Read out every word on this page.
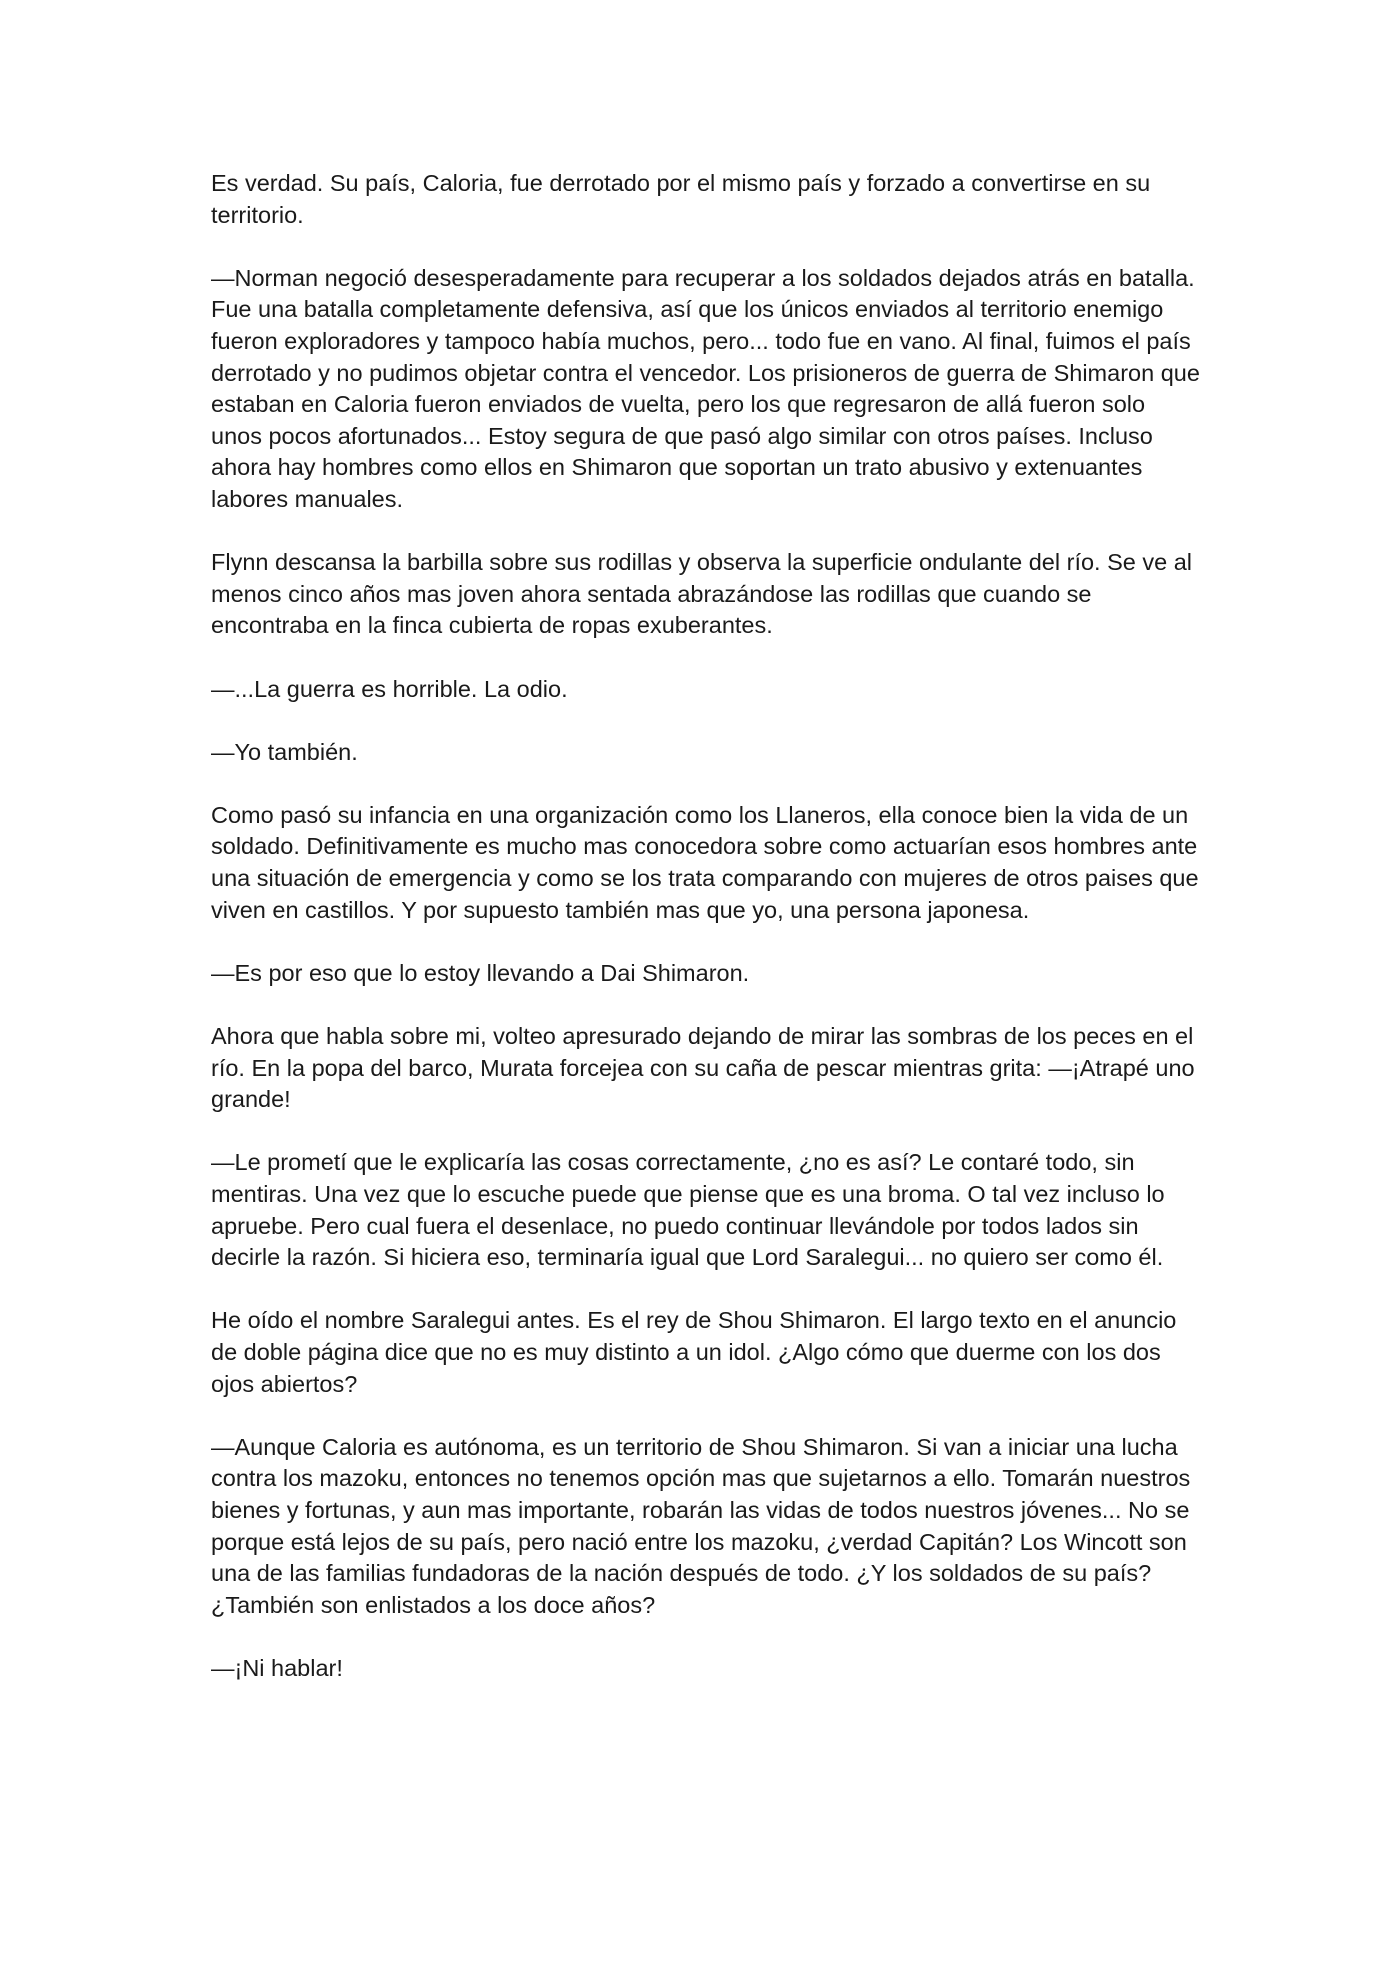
Es verdad. Su país, Caloria, fue derrotado por el mismo país y forzado a convertirse en su territorio.

—Norman negoció desesperadamente para recuperar a los soldados dejados atrás en batalla. Fue una batalla completamente defensiva, así que los únicos enviados al territorio enemigo fueron exploradores y tampoco había muchos, pero... todo fue en vano. Al final, fuimos el país derrotado y no pudimos objetar contra el vencedor. Los prisioneros de guerra de Shimaron que estaban en Caloria fueron enviados de vuelta, pero los que regresaron de allá fueron solo unos pocos afortunados... Estoy segura de que pasó algo similar con otros países. Incluso ahora hay hombres como ellos en Shimaron que soportan un trato abusivo y extenuantes labores manuales.

Flynn descansa la barbilla sobre sus rodillas y observa la superficie ondulante del río. Se ve al menos cinco años mas joven ahora sentada abrazándose las rodillas que cuando se encontraba en la finca cubierta de ropas exuberantes.

—...La guerra es horrible. La odio.

—Yo también.

Como pasó su infancia en una organización como los Llaneros, ella conoce bien la vida de un soldado. Definitivamente es mucho mas conocedora sobre como actuarían esos hombres ante una situación de emergencia y como se los trata comparando con mujeres de otros paises que viven en castillos. Y por supuesto también mas que yo, una persona japonesa.

—Es por eso que lo estoy llevando a Dai Shimaron.

Ahora que habla sobre mi, volteo apresurado dejando de mirar las sombras de los peces en el río. En la popa del barco, Murata forcejea con su caña de pescar mientras grita: —¡Atrapé uno grande!

—Le prometí que le explicaría las cosas correctamente, ¿no es así? Le contaré todo, sin mentiras. Una vez que lo escuche puede que piense que es una broma. O tal vez incluso lo apruebe. Pero cual fuera el desenlace, no puedo continuar llevándole por todos lados sin decirle la razón. Si hiciera eso, terminaría igual que Lord Saralegui... no quiero ser como él.

He oído el nombre Saralegui antes. Es el rey de Shou Shimaron. El largo texto en el anuncio de doble página dice que no es muy distinto a un idol. ¿Algo cómo que duerme con los dos ojos abiertos?

—Aunque Caloria es autónoma, es un territorio de Shou Shimaron. Si van a iniciar una lucha contra los mazoku, entonces no tenemos opción mas que sujetarnos a ello. Tomarán nuestros bienes y fortunas, y aun mas importante, robarán las vidas de todos nuestros jóvenes... No se porque está lejos de su país, pero nació entre los mazoku, ¿verdad Capitán? Los Wincott son una de las familias fundadoras de la nación después de todo. ¿Y los soldados de su país? ¿También son enlistados a los doce años?

—¡Ni hablar!
